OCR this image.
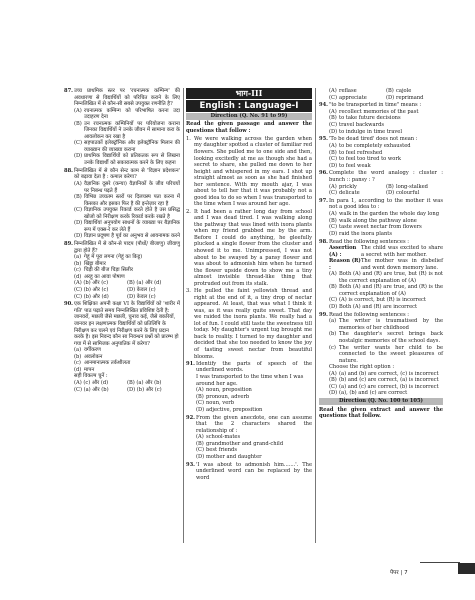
87. उच्च प्राथमिक स्तर पर 'रचनात्मक कम्पिन्ग' की अवधारणा से विद्यार्थियों को परिचित कराने के लिए निम्नलिखित में से कौन-सी सबसे उपयुक्त रणनीति है?
(A) रचनात्मक कम्पिन्ग को परिभाषित करना उदा उदाहरण देना
(B) उन रचनात्मक कम्पिनियों पर परियोजना कराना जिनका विद्यार्थियों ने उनके जीवन में सामाना करा के आवलोकन कर रखा है
(C) सहपाठकों इलेक्ट्रॉनिक और इलेक्ट्रॉनिक मिलान की व्याख्यान की व्याख्या कराना
(D) प्राथमिक विद्यार्थियों को प्रतिकतक रूप से लिखना उनके विद्यार्थी को सकारात्मक करने के लिए कहना
88. निम्नलिखित में से कौन सेन्ट काम से 'विज्ञान प्रदेशकन' को बढ़ावा देता है : कमाल करेगा?
(A) वैज्ञानिक दूसरे (कन्या) वैज्ञानिकों के जीव परिचयों पर निबन्ध पढ़ते हैं
(B) विभिन्न उच्चतम स्तरों पर दिलचस्प पता करना में किसका और इसका फिर है की इन्तेज़ार रहा है
(C) विज्ञानिक उपयुक्त रिकार्ड करते होते है उस प्रसिद्ध खोजो को निरीक्षण करके रिकार्ड करके रखते है
(D) विद्यार्थियां अनुपयोग साधनों के व्याख्या पर बैज्ञानिक रूप में एक्स-रे कर लेते हैं
(D) विज्ञान प्रदूषण है पूर्व का अनुभव से आयनामक करने
89. निम्नलिखित में से कौन-से पादप (पौधों/ बीजाणु) जीवाणु द्वारा होते हैं?
(a) गेहूं में पूरा लगना (गेहूं का किट्ट)
(b) खिट्टा बीमार
(c) चिड़ी की बीज चिड़ा सिलीर
(d) अरहू का आवा पोषाण
(A) (b) और (c)	(B) (a) और (d)
(C) (b) और (c)	(D) केवल (c)
(C) (b) और (d)	(D) केवल (c)
90. एक शिक्षिका अपनी कक्षा VI के विद्यार्थियों को 'शारीर में गति' पाठ पढ़ाते समय निम्नलिखित प्रविशिष्ट देती है:
जानवरों, मछली जैसे मछली, चुनाव कई, जैसे बकरियों, जानवर इन लक्षणात्मक विद्यार्थियों को प्रतिलिपि के निरीक्षण कर चलने एवं निरीक्षण करने के लिए प्रदान करके है। इस निवन्द कौन सा निवन्धन प्रश्नों को प्रारम्भ हो गया में से सामिजक अनुपातिक में करेगा?
(a) वर्गीकरण
(b) अवलोकन
(c) आनमानात्मक तर्कशीलता
(d) मापन
सही विकल्प चुनें :
(A) (c) और (d)	(B) (a) और (b)
(C) (a) और (b)	(D) (b) और (c)
भाग-III
English : Language-I
Direction (Q. No. 91 to 99)
Read the given passage and answer the questions that follow :
1. We were walking across the garden when my daughter spotted a cluster of familiar red flowers. She pulled me to one side and then, looking excitedly at me as though she had a secret to share, she pulled me down to her height and whispered in my ears. I shot up straight almost as soon as she had finished her sentence. With my mouth ajar, I was about to tell her that it was probably not a good idea to do so when I was transported to the time when I was around her age.
2. It had been a rather long day from school and I was dead tired. I was walking along the pathway that was lined with ixora plants when my friend grabbed me by the arm. Before I could do anything, he gleefully plucked a single flower from the cluster and showed it to me. Unimpressed, I was not about to be swayed by a pansy flower and was about to admonish him when he turned the flower upside down to show me a tiny almost invisible thread-like thing that protruded out from its stalk.
3. He pulled the faint yellowish thread and right at the end of it, a tiny drop of nectar appeared. At least, that was what I think it was, as it was really quite sweet. That day we raided the ixora plants. We really had a lot of fun. I could still taste the sweetness till today. My daughter's urgent tug brought me back to reality. I turned to my daughter and decided that she too needed to know the joy of tasting sweet nectar from beautiful blooms.
91. Identify the parts of speech of the underlined words.
I was transported to the time when I was around her age.
(A) noun, preposition
(B) pronoun, adverb
(C) noun, verb
(D) adjective, preposition
92. From the given anecdote, one can assume that the 2 characters shared the relationship of :
(A) school-mates
(B) grandmother and grand-child
(C) best friends
(D) mother and daughter
93. 'I was about to admonish him.......'. The underlined word can be replaced by the word
(A) reflase	(B) cajole
(C) appreciate	(D) reprimand
94. "to be transported in time" means :
(A) recollect memories of the past
(B) to take future decisions
(C) travel backwards
(D) to indulge in time travel
95. 'To be dead tired' does not mean :
(A) to be completely exhausted
(B) to feel refreshed
(C) to feel too tired to work
(D) to feel weak
96. Complete the word analogy : cluster : bunch :: pansy : ?
(A) prickly	(B) long-stalked
(C) delicate	(D) colourful
97. In para 1, according to the mother it was not a good idea to :
(A) walk in the garden the whole day long
(B) walk along the pathway alone
(C) taste sweet nectar from flowers
(D) raid the ixora plants
98. Read the following sentences :
Assertion (A) :
The child was excited to share a secret with her mother.
Reason (R) :
The mother was in disbelief and went down memory lane.
(A) Both (A) and (R) are true, but (R) is not the correct explanation of (A)
(B) Both (A) and (R) are true, and (R) is the correct explanation of (A)
(C) (A) is correct, but (R) is incorrect
(D) Both (A) and (R) are incorrect
99. Read the following sentences :
(a) The writer is traumatised by the memories of her childhood
(b) The daughter's secret brings back nostalgic memories of the school days.
(c) The writer wants her child to be connected to the sweet pleasures of nature.
Choose the right option :
(A) (a) and (b) are correct, (c) is incorrect
(B) (b) and (c) are correct, (a) is incorrect
(C) (a) and (c) are correct, (b) is incorrect
(D) (a), (b) and (c) are correct
Direction (Q. No. 100 to 105)
Read the given extract and answer the questions that follow.
पेपर | 7
